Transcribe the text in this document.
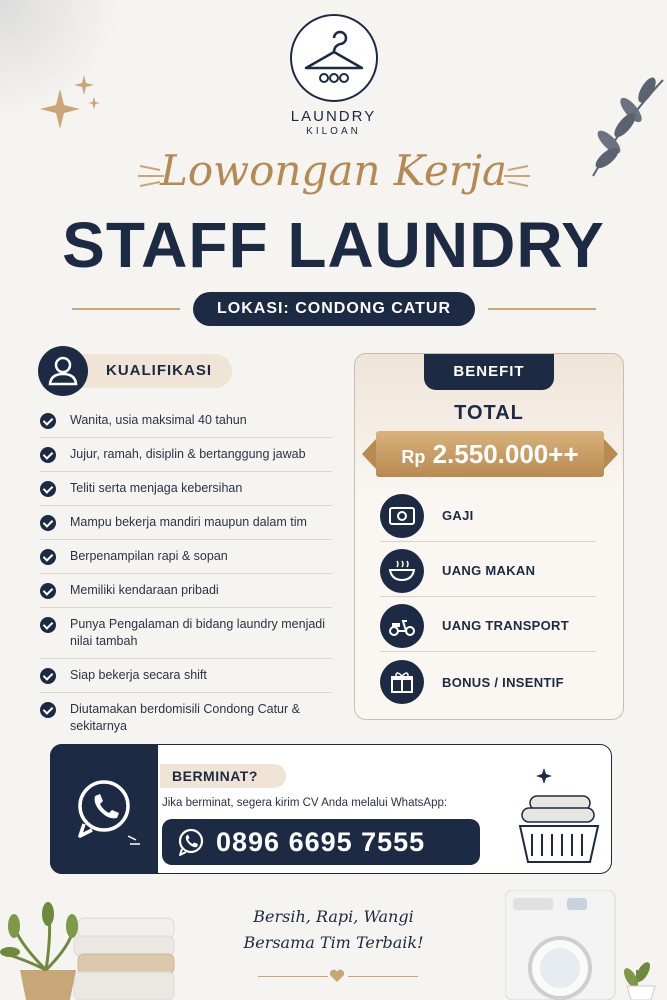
LAUNDRY
KILOAN
Lowongan Kerja
STAFF LAUNDRY
LOKASI: CONDONG CATUR
KUALIFIKASI
Wanita, usia maksimal 40 tahun
Jujur, ramah, disiplin & bertanggung jawab
Teliti serta menjaga kebersihan
Mampu bekerja mandiri maupun dalam tim
Berpenampilan rapi & sopan
Memiliki kendaraan pribadi
Punya Pengalaman di bidang laundry menjadi nilai tambah
Siap bekerja secara shift
Diutamakan berdomisili Condong Catur & sekitarnya
BENEFIT
TOTAL
Rp 2.550.000++
GAJI
UANG MAKAN
UANG TRANSPORT
BONUS / INSENTIF
BERMINAT?
Jika berminat, segera kirim CV Anda melalui WhatsApp:
0896 6695 7555
Bersih, Rapi, Wangi
Bersama Tim Terbaik!
